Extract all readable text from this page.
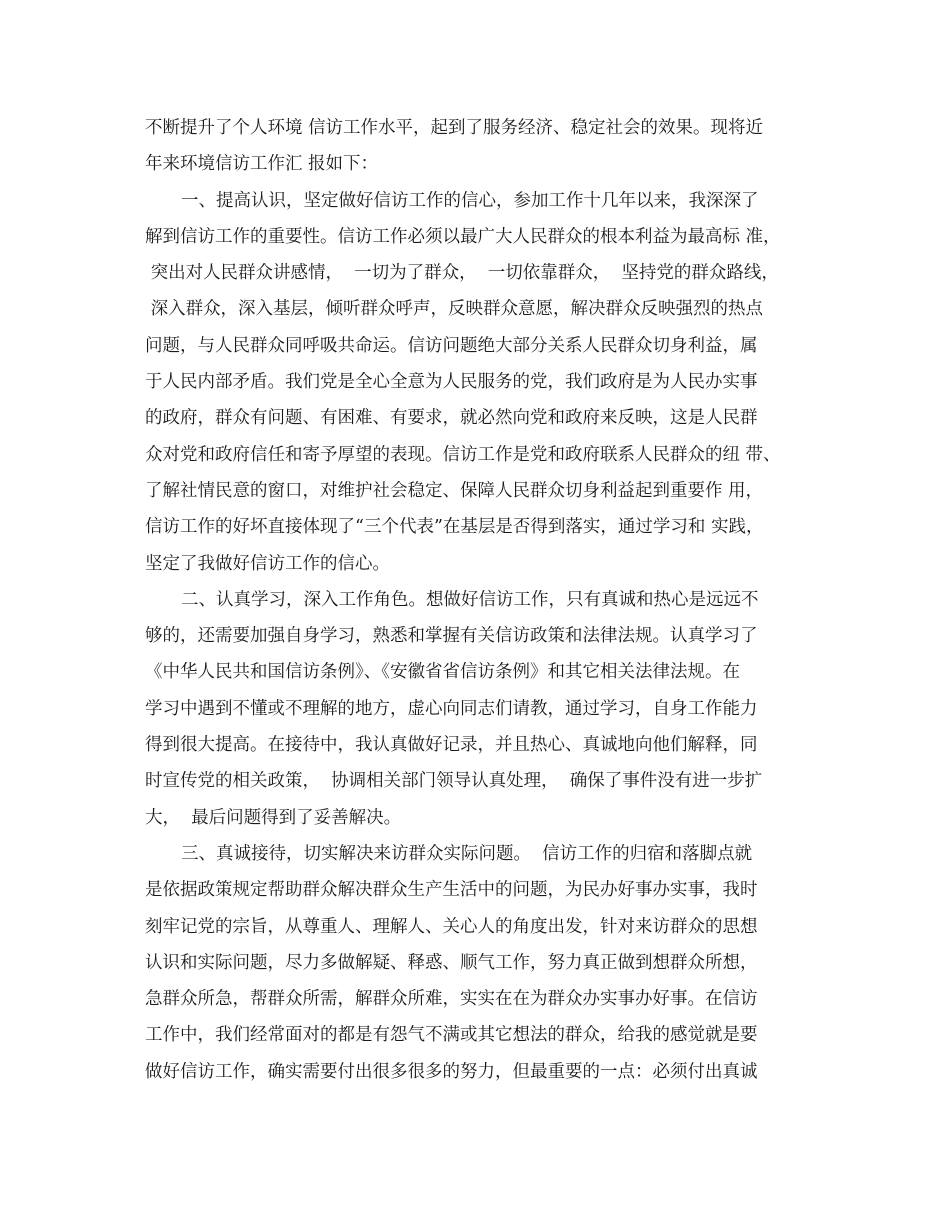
不断提升了个人环境 信访工作水平，起到了服务经济、稳定社会的效果。现将近
年来环境信访工作汇 报如下：
一、提高认识，坚定做好信访工作的信心，参加工作十几年以来，我深深了
解到信访工作的重要性。信访工作必须以最广大人民群众的根本利益为最高标 准，
突出对人民群众讲感情，  一切为了群众，  一切依靠群众，  坚持党的群众路线，
深入群众，深入基层，倾听群众呼声，反映群众意愿，解决群众反映强烈的热点
问题，与人民群众同呼吸共命运。信访问题绝大部分关系人民群众切身利益，属
于人民内部矛盾。我们党是全心全意为人民服务的党，我们政府是为人民办实事
的政府，群众有问题、有困难、有要求，就必然向党和政府来反映，这是人民群
众对党和政府信任和寄予厚望的表现。信访工作是党和政府联系人民群众的纽 带、
了解社情民意的窗口，对维护社会稳定、保障人民群众切身利益起到重要作 用，
信访工作的好坏直接体现了“三个代表”在基层是否得到落实，通过学习和 实践，
坚定了我做好信访工作的信心。
二、认真学习，深入工作角色。想做好信访工作，只有真诚和热心是远远不
够的，还需要加强自身学习，熟悉和掌握有关信访政策和法律法规。认真学习了
《中华人民共和国信访条例》、《安徽省省信访条例》和其它相关法律法规。在
学习中遇到不懂或不理解的地方，虚心向同志们请教，通过学习，自身工作能力
得到很大提高。在接待中，我认真做好记录，并且热心、真诚地向他们解释，同
时宣传党的相关政策，  协调相关部门领导认真处理，  确保了事件没有进一步扩
大，  最后问题得到了妥善解决。
三、真诚接待，切实解决来访群众实际问题。  信访工作的归宿和落脚点就
是依据政策规定帮助群众解决群众生产生活中的问题，为民办好事办实事，我时
刻牢记党的宗旨，从尊重人、理解人、关心人的角度出发，针对来访群众的思想
认识和实际问题，尽力多做解疑、释惑、顺气工作，努力真正做到想群众所想，
急群众所急，帮群众所需，解群众所难，实实在在为群众办实事办好事。在信访
工作中，我们经常面对的都是有怨气不满或其它想法的群众，给我的感觉就是要
做好信访工作，确实需要付出很多很多的努力，但最重要的一点：必须付出真诚
